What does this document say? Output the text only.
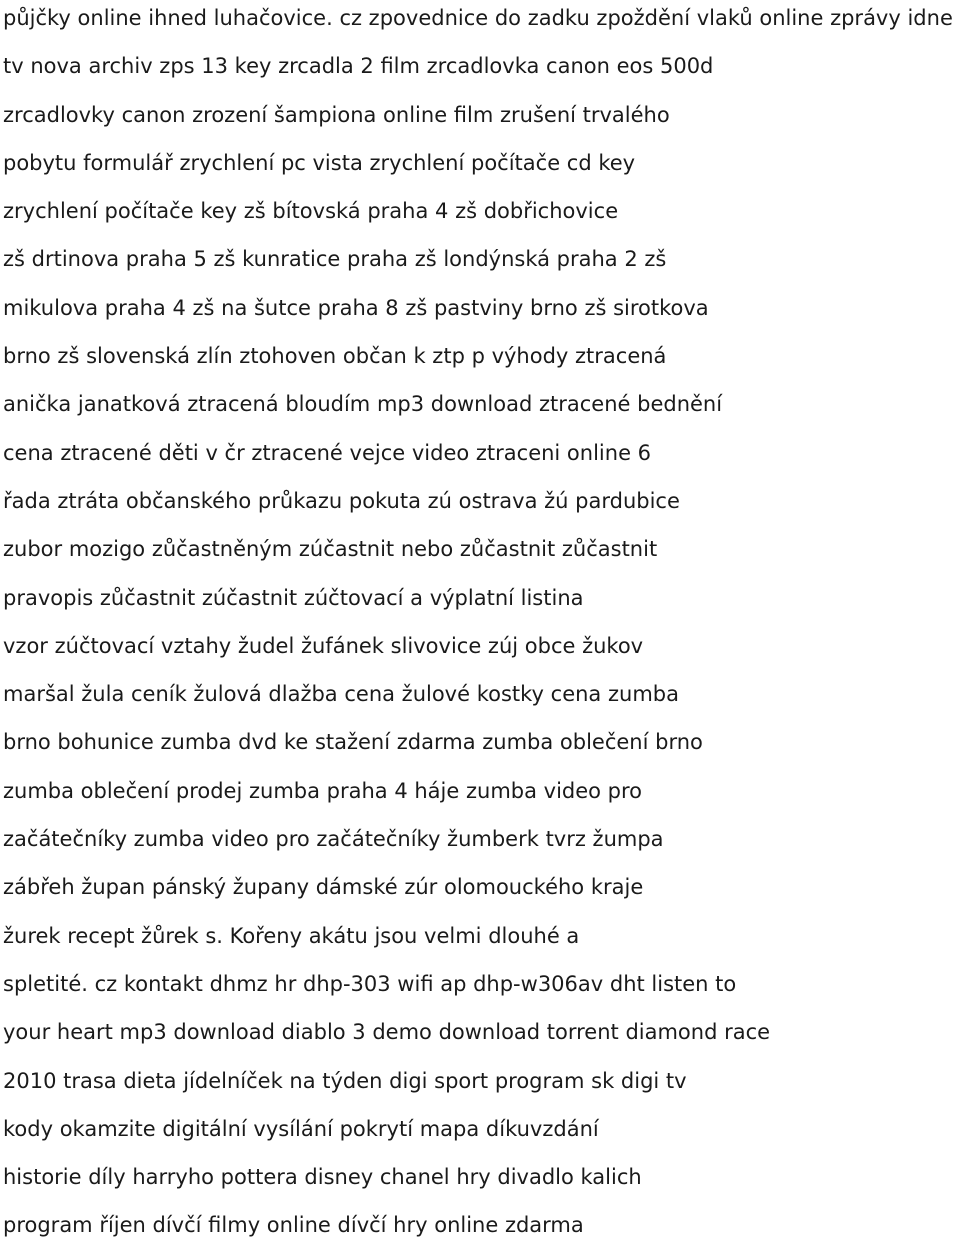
půjčky online ihned luhačovice. cz zpovednice do zadku zpoždění vlaků online zprávy idne
tv nova archiv zps 13 key zrcadla 2 film zrcadlovka canon eos 500d
zrcadlovky canon zrození šampiona online film zrušení trvalého
pobytu formulář zrychlení pc vista zrychlení počítače cd key
zrychlení počítače key zš bítovská praha 4 zš dobřichovice
zš drtinova praha 5 zš kunratice praha zš londýnská praha 2 zš
mikulova praha 4 zš na šutce praha 8 zš pastviny brno zš sirotkova
brno zš slovenská zlín ztohoven občan k ztp p výhody ztracená
anička janatková ztracená bloudím mp3 download ztracené bednění
cena ztracené děti v čr ztracené vejce video ztraceni online 6
řada ztráta občanského průkazu pokuta zú ostrava žú pardubice
zubor mozigo zůčastněným zúčastnit nebo zůčastnit zůčastnit
pravopis zůčastnit zúčastnit zúčtovací a výplatní listina
vzor zúčtovací vztahy žudel žufánek slivovice zúj obce žukov
maršal žula ceník žulová dlažba cena žulové kostky cena zumba
brno bohunice zumba dvd ke stažení zdarma zumba oblečení brno
zumba oblečení prodej zumba praha 4 háje zumba video pro
začátečníky zumba video pro začátečníky žumberk tvrz žumpa
zábřeh župan pánský župany dámské zúr olomouckého kraje
žurek recept žůrek s. Kořeny akátu jsou velmi dlouhé a
spletité. cz kontakt dhmz hr dhp-303 wifi ap dhp-w306av dht listen to
your heart mp3 download diablo 3 demo download torrent diamond race
2010 trasa dieta jídelníček na týden digi sport program sk digi tv
kody okamzite digitální vysílání pokrytí mapa díkuvzdání
historie díly harryho pottera disney chanel hry divadlo kalich
program říjen dívčí filmy online dívčí hry online zdarma
